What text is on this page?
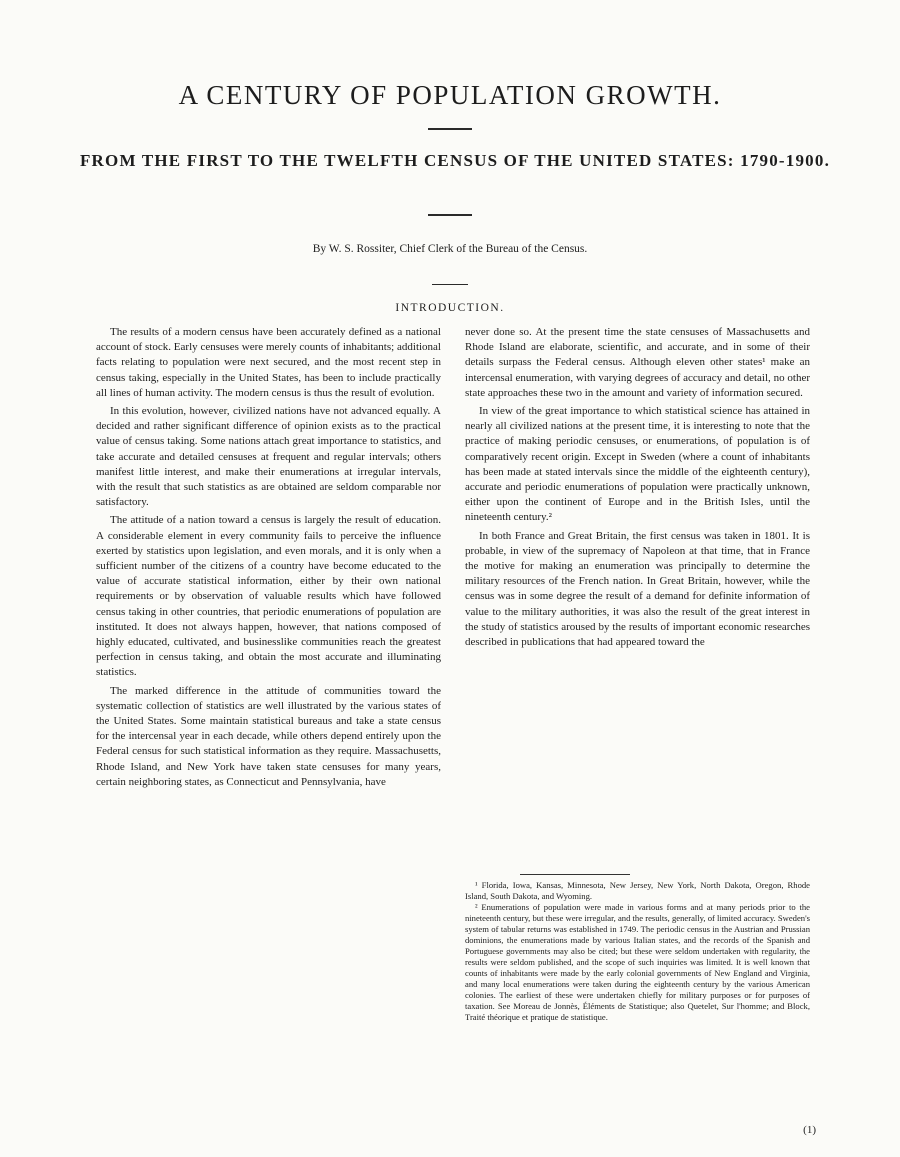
A CENTURY OF POPULATION GROWTH.
FROM THE FIRST TO THE TWELFTH CENSUS OF THE UNITED STATES: 1790-1900.

By W. S. Rossiter, Chief Clerk of the Bureau of the Census.

INTRODUCTION.

The results of a modern census have been accurately defined as a national account of stock. Early censuses were merely counts of inhabitants; additional facts relating to population were next secured, and the most recent step in census taking, especially in the United States, has been to include practically all lines of human activity. The modern census is thus the result of evolution.

In this evolution, however, civilized nations have not advanced equally. A decided and rather significant difference of opinion exists as to the practical value of census taking. Some nations attach great importance to statistics, and take accurate and detailed censuses at frequent and regular intervals; others manifest little interest, and make their enumerations at irregular intervals, with the result that such statistics as are obtained are seldom comparable nor satisfactory.

The attitude of a nation toward a census is largely the result of education. A considerable element in every community fails to perceive the influence exerted by statistics upon legislation, and even morals, and it is only when a sufficient number of the citizens of a country have become educated to the value of accurate statistical information, either by their own national requirements or by observation of valuable results which have followed census taking in other countries, that periodic enumerations of population are instituted. It does not always happen, however, that nations composed of highly educated, cultivated, and businesslike communities reach the greatest perfection in census taking, and obtain the most accurate and illuminating statistics.

The marked difference in the attitude of communities toward the systematic collection of statistics are well illustrated by the various states of the United States. Some maintain statistical bureaus and take a state census for the intercensal year in each decade, while others depend entirely upon the Federal census for such statistical information as they require. Massachusetts, Rhode Island, and New York have taken state censuses for many years, certain neighboring states, as Connecticut and Pennsylvania, have

never done so. At the present time the state censuses of Massachusetts and Rhode Island are elaborate, scientific, and accurate, and in some of their details surpass the Federal census. Although eleven other states¹ make an intercensal enumeration, with varying degrees of accuracy and detail, no other state approaches these two in the amount and variety of information secured.

In view of the great importance to which statistical science has attained in nearly all civilized nations at the present time, it is interesting to note that the practice of making periodic censuses, or enumerations, of population is of comparatively recent origin. Except in Sweden (where a count of inhabitants has been made at stated intervals since the middle of the eighteenth century), accurate and periodic enumerations of population were practically unknown, either upon the continent of Europe and in the British Isles, until the nineteenth century.²

In both France and Great Britain, the first census was taken in 1801. It is probable, in view of the supremacy of Napoleon at that time, that in France the motive for making an enumeration was principally to determine the military resources of the French nation. In Great Britain, however, while the census was in some degree the result of a demand for definite information of value to the military authorities, it was also the result of the great interest in the study of statistics aroused by the results of important economic researches described in publications that had appeared toward the

¹ Florida, Iowa, Kansas, Minnesota, New Jersey, New York, North Dakota, Oregon, Rhode Island, South Dakota, and Wyoming.

² Enumerations of population were made in various forms and at many periods prior to the nineteenth century, but these were irregular, and the results, generally, of limited accuracy. Sweden's system of tabular returns was established in 1749. The periodic census in the Austrian and Prussian dominions, the enumerations made by various Italian states, and the records of the Spanish and Portuguese governments may also be cited; but these were seldom undertaken with regularity, the results were seldom published, and the scope of such inquiries was limited. It is well known that counts of inhabitants were made by the early colonial governments of New England and Virginia, and many local enumerations were taken during the eighteenth century by the various American colonies. The earliest of these were undertaken chiefly for military purposes or for purposes of taxation. See Moreau de Jonnès, Éléments de Statistique; also Quetelet, Sur l'homme; and Block, Traité théorique et pratique de statistique.

(1)
